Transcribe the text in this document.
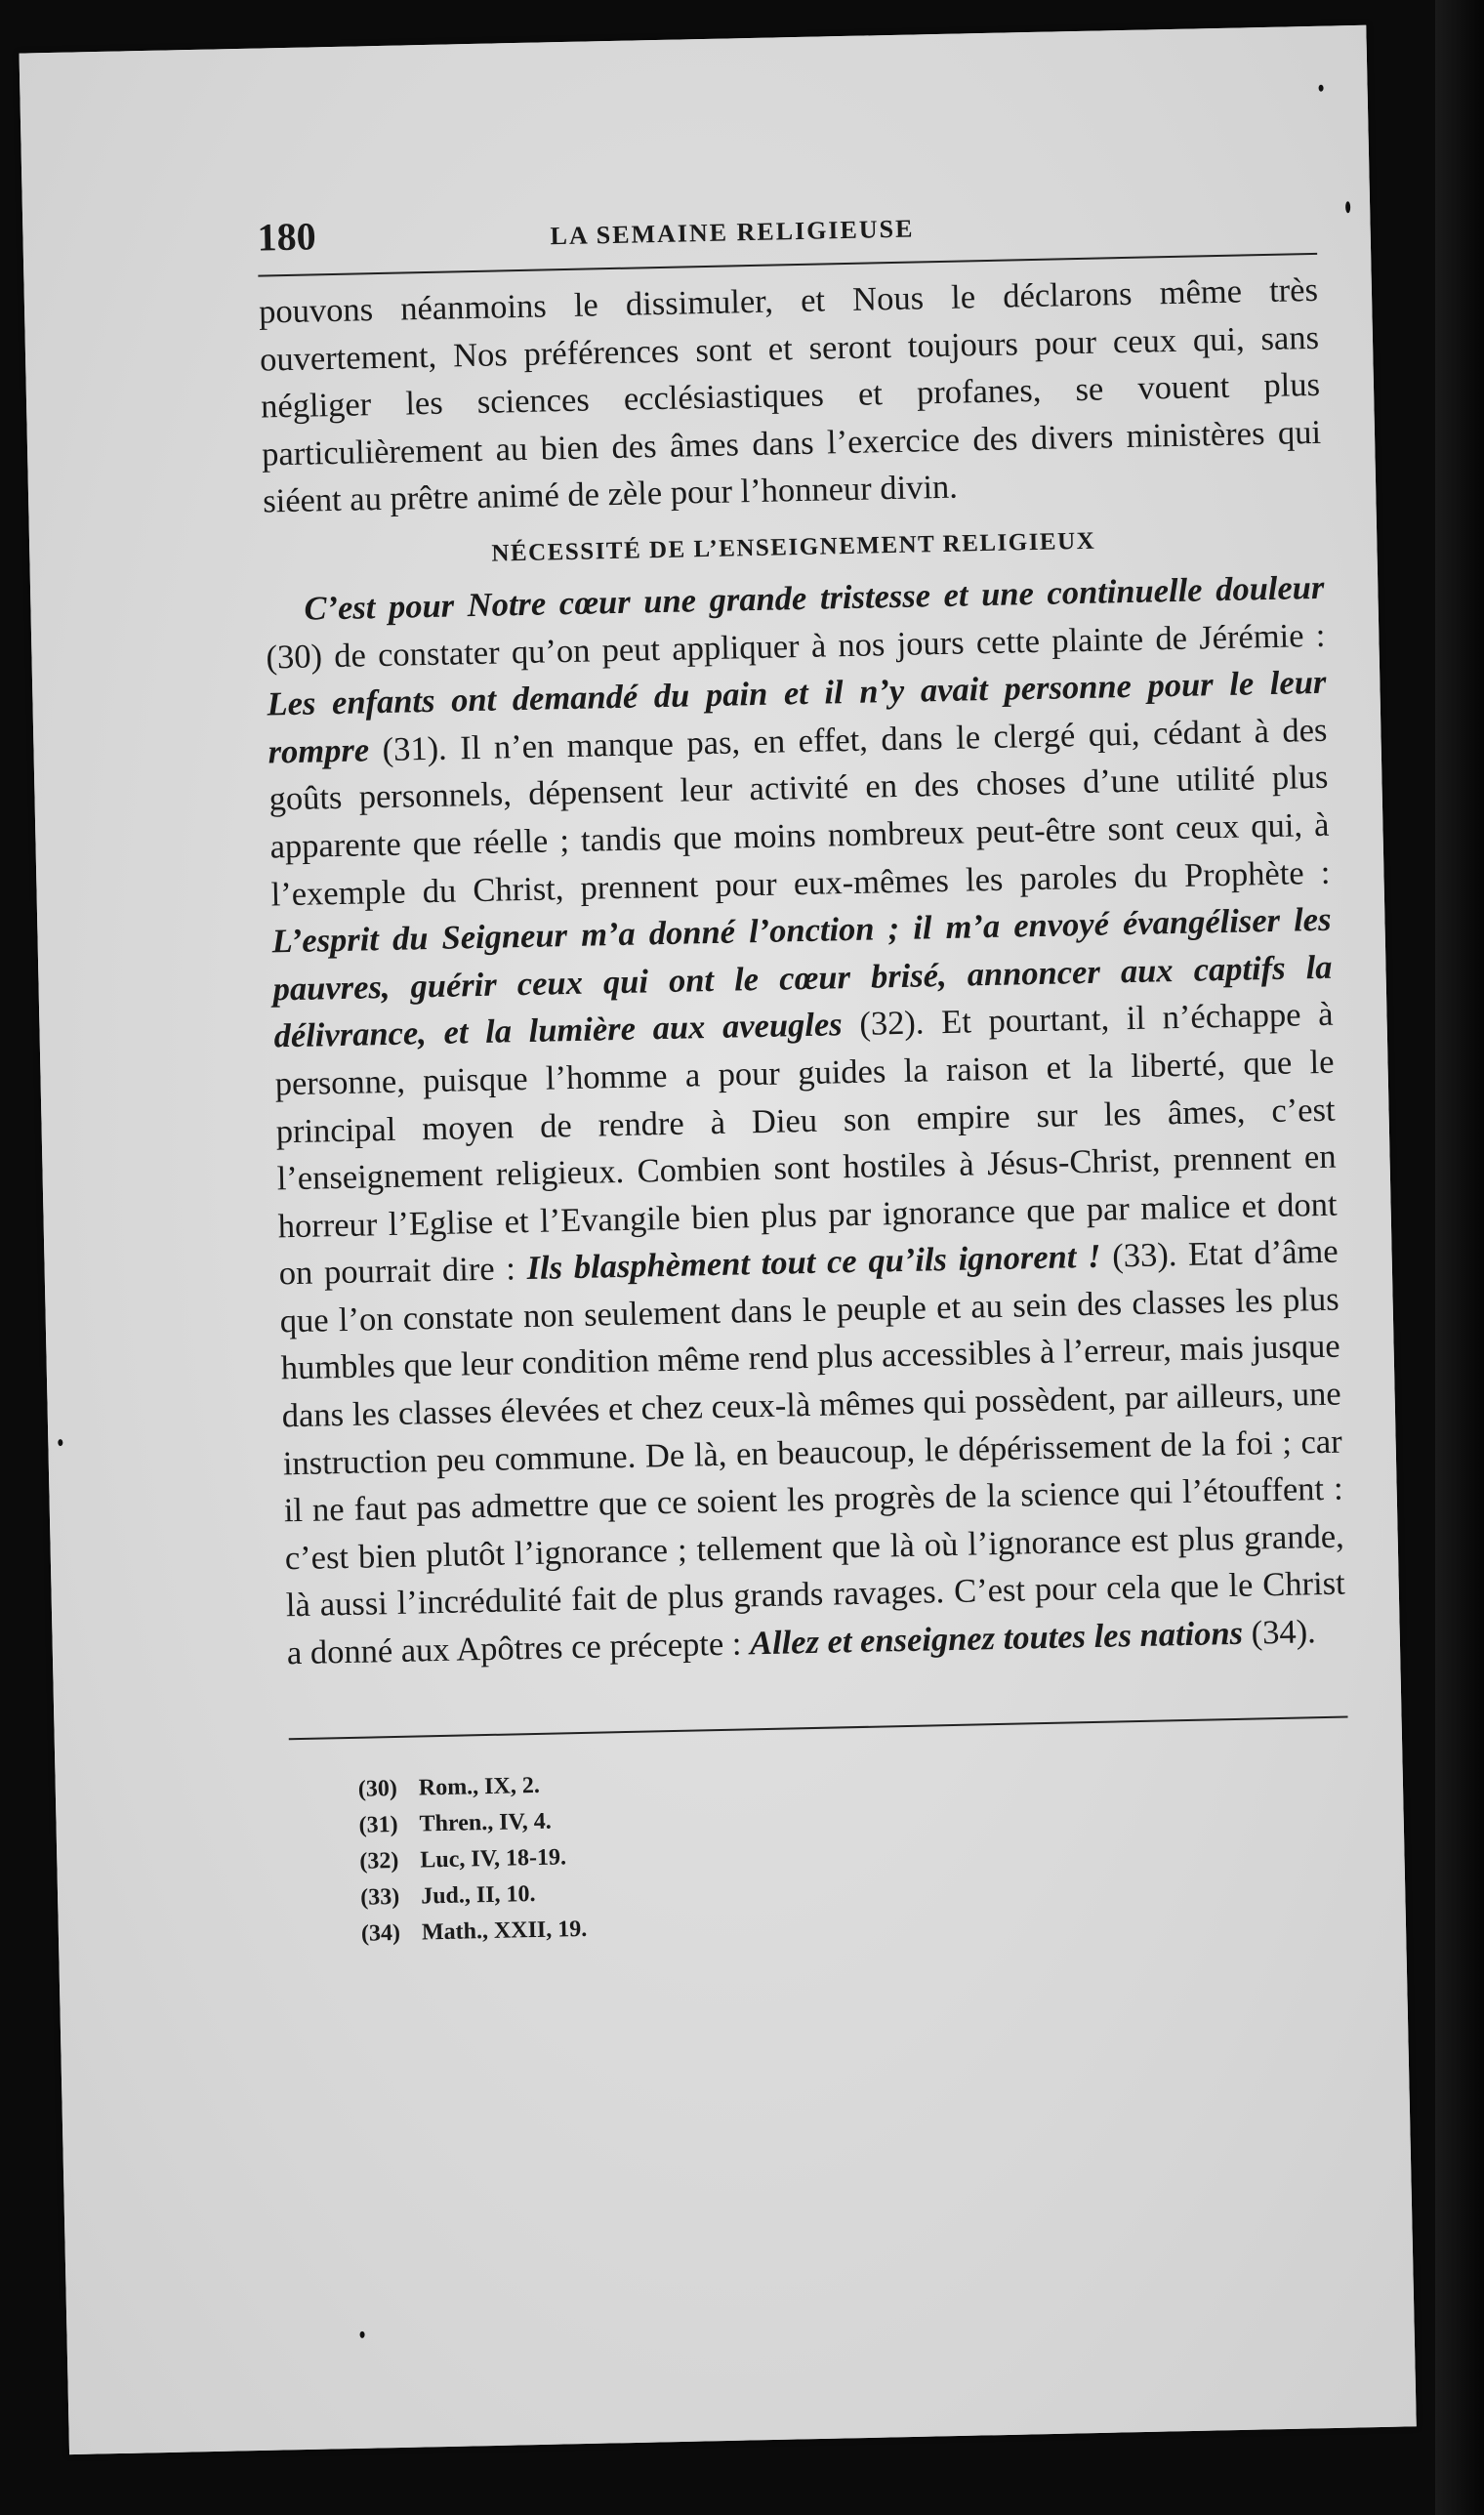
180	LA SEMAINE RELIGIEUSE

pouvons néanmoins le dissimuler, et Nous le déclarons même très ouvertement, Nos préférences sont et seront toujours pour ceux qui, sans négliger les sciences ecclésiastiques et profanes, se vouent plus particulièrement au bien des âmes dans l’exercice des divers ministères qui siéent au prêtre animé de zèle pour l’honneur divin.

NÉCESSITÉ DE L’ENSEIGNEMENT RELIGIEUX

C’est pour Notre cœur une grande tristesse et une continuelle douleur (30) de constater qu’on peut appliquer à nos jours cette plainte de Jérémie : Les enfants ont demandé du pain et il n’y avait personne pour le leur rompre (31). Il n’en manque pas, en effet, dans le clergé qui, cédant à des goûts personnels, dépensent leur activité en des choses d’une utilité plus apparente que réelle ; tandis que moins nombreux peut-être sont ceux qui, à l’exemple du Christ, prennent pour eux-mêmes les paroles du Prophète : L’esprit du Seigneur m’a donné l’onction ; il m’a envoyé évangéliser les pauvres, guérir ceux qui ont le cœur brisé, annoncer aux captifs la délivrance, et la lumière aux aveugles (32). Et pourtant, il n’échappe à personne, puisque l’homme a pour guides la raison et la liberté, que le principal moyen de rendre à Dieu son empire sur les âmes, c’est l’enseignement religieux. Combien sont hostiles à Jésus-Christ, prennent en horreur l’Eglise et l’Evangile bien plus par ignorance que par malice et dont on pourrait dire : Ils blasphèment tout ce qu’ils ignorent ! (33). Etat d’âme que l’on constate non seulement dans le peuple et au sein des classes les plus humbles que leur condition même rend plus accessibles à l’erreur, mais jusque dans les classes élevées et chez ceux-là mêmes qui possèdent, par ailleurs, une instruction peu commune. De là, en beaucoup, le dépérissement de la foi ; car il ne faut pas admettre que ce soient les progrès de la science qui l’étouffent : c’est bien plutôt l’ignorance ; tellement que là où l’ignorance est plus grande, là aussi l’incrédulité fait de plus grands ravages. C’est pour cela que le Christ a donné aux Apôtres ce précepte : Allez et enseignez toutes les nations (34).

(30) Rom., IX, 2.
(31) Thren., IV, 4.
(32) Luc, IV, 18-19.
(33) Jud., II, 10.
(34) Math., XXII, 19.
